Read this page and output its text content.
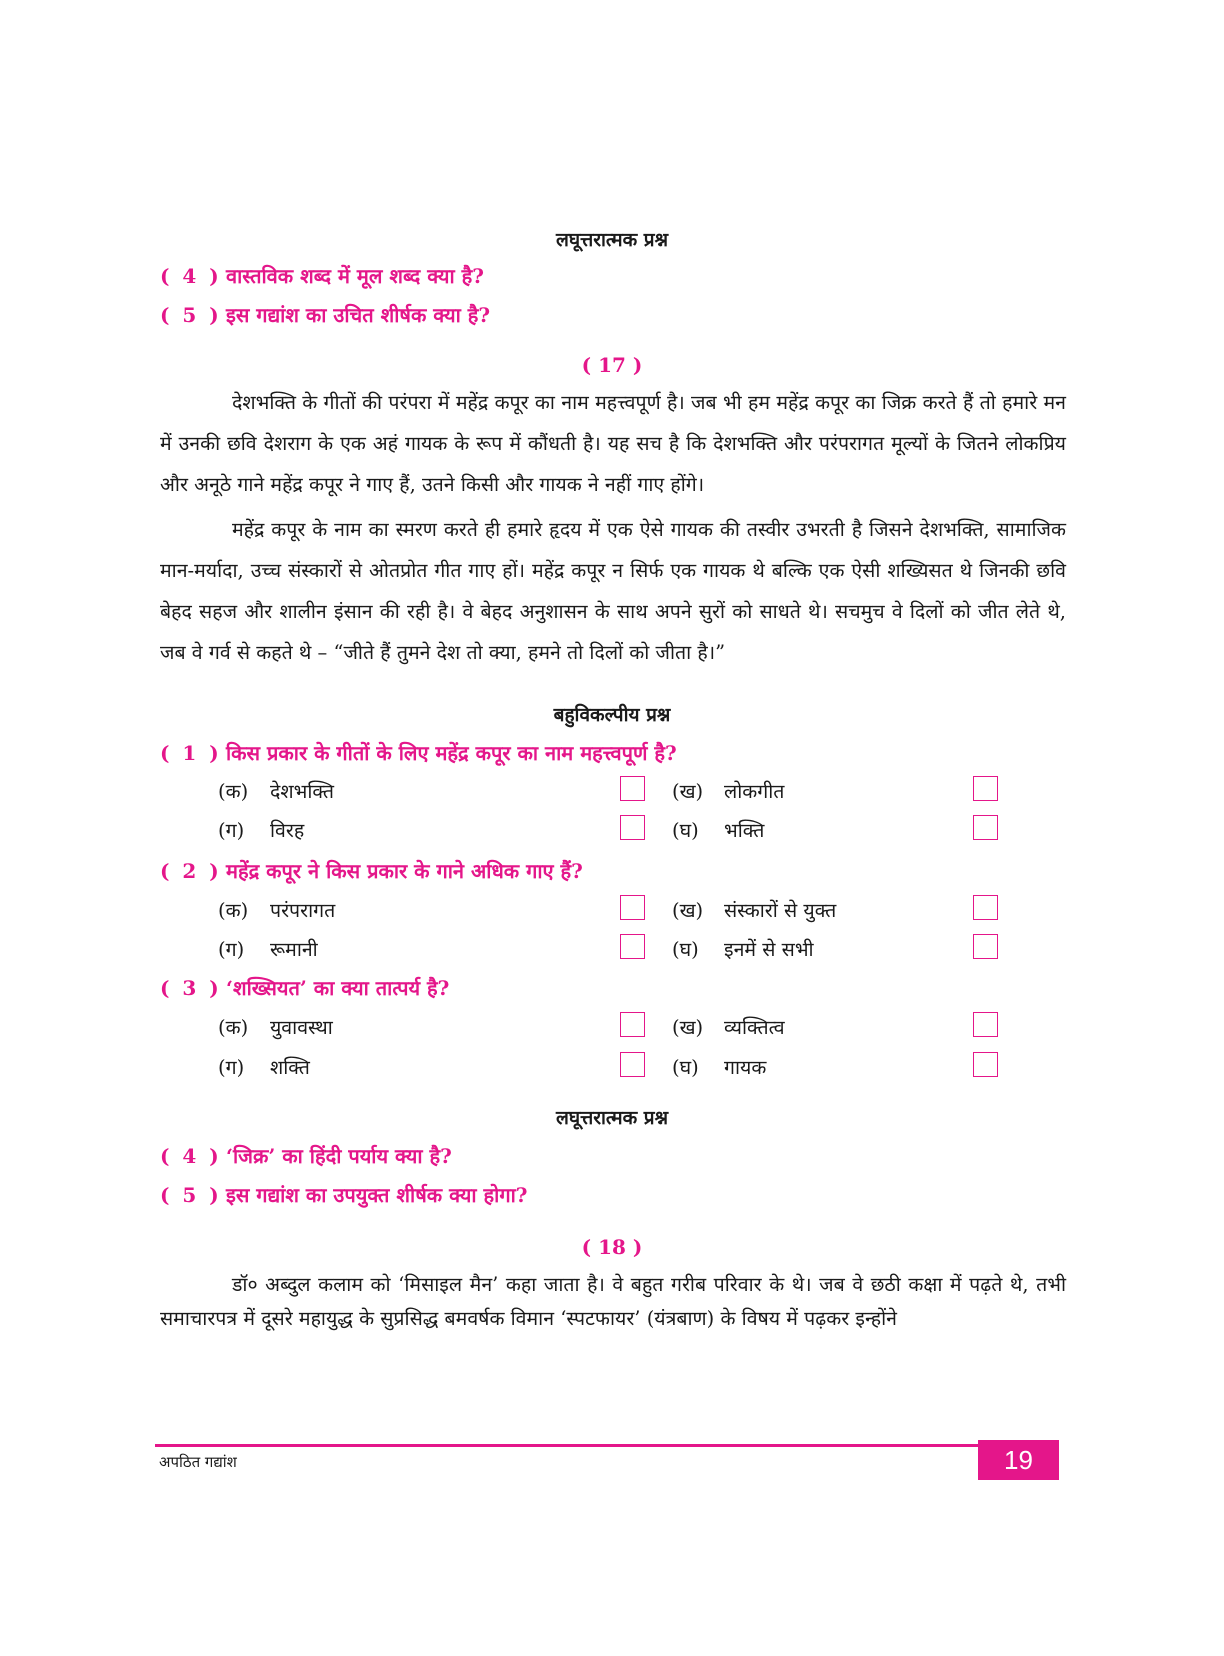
लघूत्तरात्मक प्रश्न
( 4 ) वास्तविक शब्द में मूल शब्द क्या है?
( 5 ) इस गद्यांश का उचित शीर्षक क्या है?
( 17 )
देशभक्ति के गीतों की परंपरा में महेंद्र कपूर का नाम महत्त्वपूर्ण है। जब भी हम महेंद्र कपूर का जिक्र करते हैं तो हमारे मन में उनकी छवि देशराग के एक अहं गायक के रूप में कौंधती है। यह सच है कि देशभक्ति और परंपरागत मूल्यों के जितने लोकप्रिय और अनूठे गाने महेंद्र कपूर ने गाए हैं, उतने किसी और गायक ने नहीं गाए होंगे।
महेंद्र कपूर के नाम का स्मरण करते ही हमारे हृदय में एक ऐसे गायक की तस्वीर उभरती है जिसने देशभक्ति, सामाजिक मान-मर्यादा, उच्च संस्कारों से ओतप्रोत गीत गाए हों। महेंद्र कपूर न सिर्फ एक गायक थे बल्कि एक ऐसी शख्यिसत थे जिनकी छवि बेहद सहज और शालीन इंसान की रही है। वे बेहद अनुशासन के साथ अपने सुरों को साधते थे। सचमुच वे दिलों को जीत लेते थे, जब वे गर्व से कहते थे – “जीते हैं तुमने देश तो क्या, हमने तो दिलों को जीता है।”
बहुविकल्पीय प्रश्न
( 1 ) किस प्रकार के गीतों के लिए महेंद्र कपूर का नाम महत्त्वपूर्ण है?
(क) देशभक्ति	(ख) लोकगीत
(ग) विरह	(घ) भक्ति
( 2 ) महेंद्र कपूर ने किस प्रकार के गाने अधिक गाए हैं?
(क) परंपरागत	(ख) संस्कारों से युक्त
(ग) रूमानी	(घ) इनमें से सभी
( 3 ) ‘शख्सियत’ का क्या तात्पर्य है?
(क) युवावस्था	(ख) व्यक्तित्व
(ग) शक्ति	(घ) गायक
लघूत्तरात्मक प्रश्न
( 4 ) ‘जिक्र’ का हिंदी पर्याय क्या है?
( 5 ) इस गद्यांश का उपयुक्त शीर्षक क्या होगा?
( 18 )
डॉ० अब्दुल कलाम को ‘मिसाइल मैन’ कहा जाता है। वे बहुत गरीब परिवार के थे। जब वे छठी कक्षा में पढ़ते थे, तभी समाचारपत्र में दूसरे महायुद्ध के सुप्रसिद्ध बमवर्षक विमान ‘स्पटफायर’ (यंत्रबाण) के विषय में पढ़कर इन्होंने
अपठित गद्यांश	19
